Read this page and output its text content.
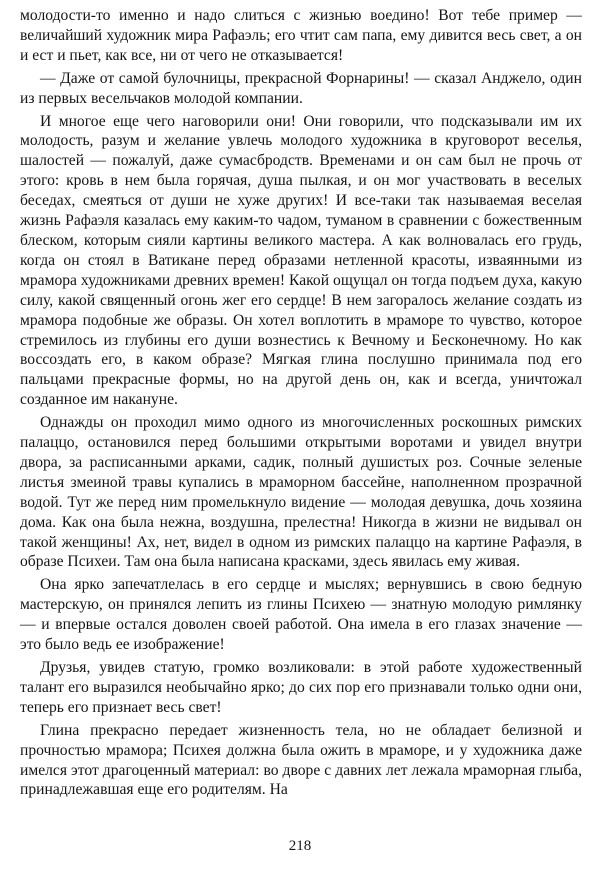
молодости-то именно и надо слиться с жизнью воедино! Вот тебе пример — величайший художник мира Рафаэль; его чтит сам папа, ему дивится весь свет, а он и ест и пьет, как все, ни от чего не отказывается!

— Даже от самой булочницы, прекрасной Форнарины! — сказал Анджело, один из первых весельчаков молодой компании.

И многое еще чего наговорили они! Они говорили, что подсказывали им их молодость, разум и желание увлечь молодого художника в круговорот веселья, шалостей — пожалуй, даже сумасбродств. Временами и он сам был не прочь от этого: кровь в нем была горячая, душа пылкая, и он мог участвовать в веселых беседах, смеяться от души не хуже других! И все-таки так называемая веселая жизнь Рафаэля казалась ему каким-то чадом, туманом в сравнении с божественным блеском, которым сияли картины великого мастера. А как волновалась его грудь, когда он стоял в Ватикане перед образами нетленной красоты, изваянными из мрамора художниками древних времен! Какой ощущал он тогда подъем духа, какую силу, какой священный огонь жег его сердце! В нем загоралось желание создать из мрамора подобные же образы. Он хотел воплотить в мраморе то чувство, которое стремилось из глубины его души вознестись к Вечному и Бесконечному. Но как воссоздать его, в каком образе? Мягкая глина послушно принимала под его пальцами прекрасные формы, но на другой день он, как и всегда, уничтожал созданное им накануне.

Однажды он проходил мимо одного из многочисленных роскошных римских палаццо, остановился перед большими открытыми воротами и увидел внутри двора, за расписанными арками, садик, полный душистых роз. Сочные зеленые листья змеиной травы купались в мраморном бассейне, наполненном прозрачной водой. Тут же перед ним промелькнуло видение — молодая девушка, дочь хозяина дома. Как она была нежна, воздушна, прелестна! Никогда в жизни не видывал он такой женщины! Ах, нет, видел в одном из римских палаццо на картине Рафаэля, в образе Психеи. Там она была написана красками, здесь явилась ему живая.

Она ярко запечатлелась в его сердце и мыслях; вернувшись в свою бедную мастерскую, он принялся лепить из глины Психею — знатную молодую римлянку — и впервые остался доволен своей работой. Она имела в его глазах значение — это было ведь ее изображение!

Друзья, увидев статую, громко возликовали: в этой работе художественный талант его выразился необычайно ярко; до сих пор его признавали только одни они, теперь его признает весь свет!

Глина прекрасно передает жизненность тела, но не обладает белизной и прочностью мрамора; Психея должна была ожить в мраморе, и у художника даже имелся этот драгоценный материал: во дворе с давних лет лежала мраморная глыба, принадлежавшая еще его родителям. На

218
